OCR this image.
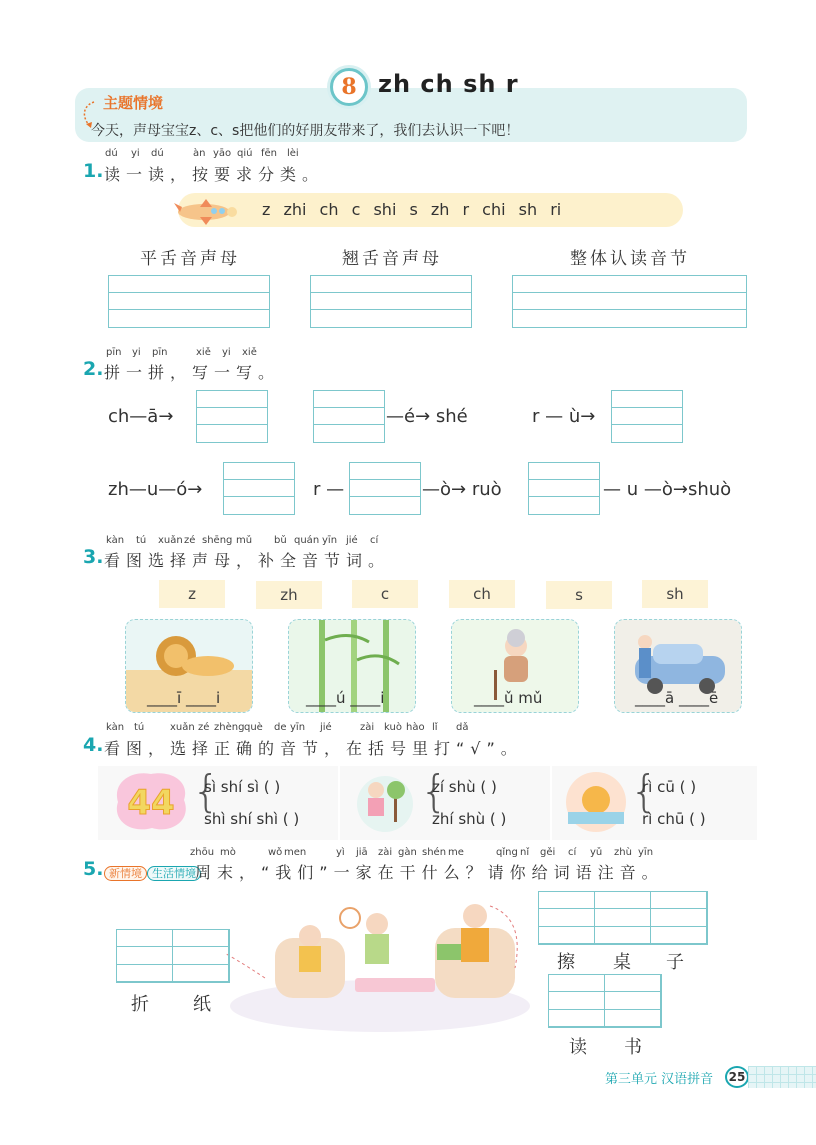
8 zh ch sh r
主题情境
今天，声母宝宝z、c、s把他们的好朋友带来了，我们去认识一下吧！
dú yi dú	àn yāo qiú fēn lèi
1. 读一读，按要求分类。
z zhi ch c shi s zh r chi sh ri
平舌音声母	翘舌音声母	整体认读音节
pīn yi pīn	xiě yi xiě
2. 拼一拼，写一写。
ch—ā→	—é→ shé	r — ù→
zh—u—ó→	r —	—ò→ ruò	— u —ò→shuò
kàn tú xuǎn zé shēng mǔ bǔ quán yīn jié cí
3. 看图选择声母，补全音节词。
z	zh	c	ch	s	sh
____ī ____i	____ú ____i	____ǔ mǔ	____ā ____ē
kàn tú	xuǎn zé zhèng què de yīn jié	zài kuò hào lǐ dǎ
4. 看图，选择正确的音节，在括号里打“√”。
44 {
sì shí sì ( )
shì shí shì ( )
{
zí shù ( )
zhí shù ( )
{
rì cū ( )
rì chū ( )
zhōu mò	wǒ men	yì jiā zài gàn shén me	qǐng nǐ gěi cí yǔ zhù yīn
5. 新情境 生活情境 周末，“我们”一家在干什么？请你给词语注音。
折 纸
擦 桌 子
读 书
第三单元 汉语拼音	25
